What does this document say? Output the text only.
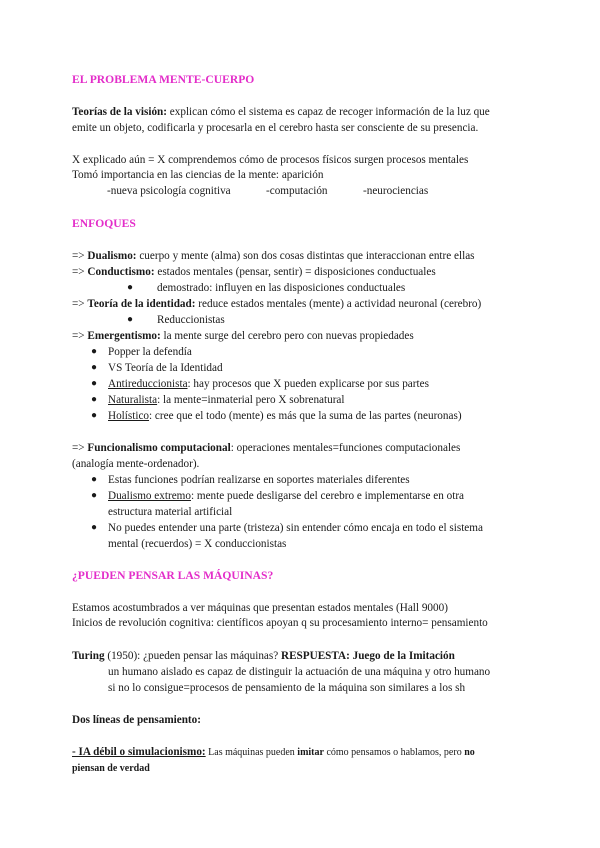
EL PROBLEMA MENTE-CUERPO
Teorías de la visión: explican cómo el sistema es capaz de recoger información de la luz que
emite un objeto, codificarla y procesarla en el cerebro hasta ser consciente de su presencia.
X explicado aún = X comprendemos cómo de procesos físicos surgen procesos mentales
Tomó importancia en las ciencias de la mente: aparición
-nueva psicología cognitiva	-computación	-neurociencias
ENFOQUES
=> Dualismo: cuerpo y mente (alma) son dos cosas distintas que interaccionan entre ellas
=> Conductismo: estados mentales (pensar, sentir) = disposiciones conductuales
● demostrado: influyen en las disposiciones conductuales
=> Teoría de la identidad: reduce estados mentales (mente) a actividad neuronal (cerebro)
● Reduccionistas
=> Emergentismo: la mente surge del cerebro pero con nuevas propiedades
● Popper la defendía
● VS Teoría de la Identidad
● Antireduccionista: hay procesos que X pueden explicarse por sus partes
● Naturalista: la mente=inmaterial pero X sobrenatural
● Holístico: cree que el todo (mente) es más que la suma de las partes (neuronas)
=> Funcionalismo computacional: operaciones mentales=funciones computacionales
(analogía mente-ordenador).
● Estas funciones podrían realizarse en soportes materiales diferentes
● Dualismo extremo: mente puede desligarse del cerebro e implementarse en otra
estructura material artificial
● No puedes entender una parte (tristeza) sin entender cómo encaja en todo el sistema
mental (recuerdos) = X conduccionistas
¿PUEDEN PENSAR LAS MÁQUINAS?
Estamos acostumbrados a ver máquinas que presentan estados mentales (Hall 9000)
Inicios de revolución cognitiva: científicos apoyan q su procesamiento interno= pensamiento
Turing (1950): ¿pueden pensar las máquinas? RESPUESTA: Juego de la Imitación
un humano aislado es capaz de distinguir la actuación de una máquina y otro humano
si no lo consigue=procesos de pensamiento de la máquina son similares a los sh
Dos líneas de pensamiento:
- IA débil o simulacionismo: Las máquinas pueden imitar cómo pensamos o hablamos, pero no
piensan de verdad
